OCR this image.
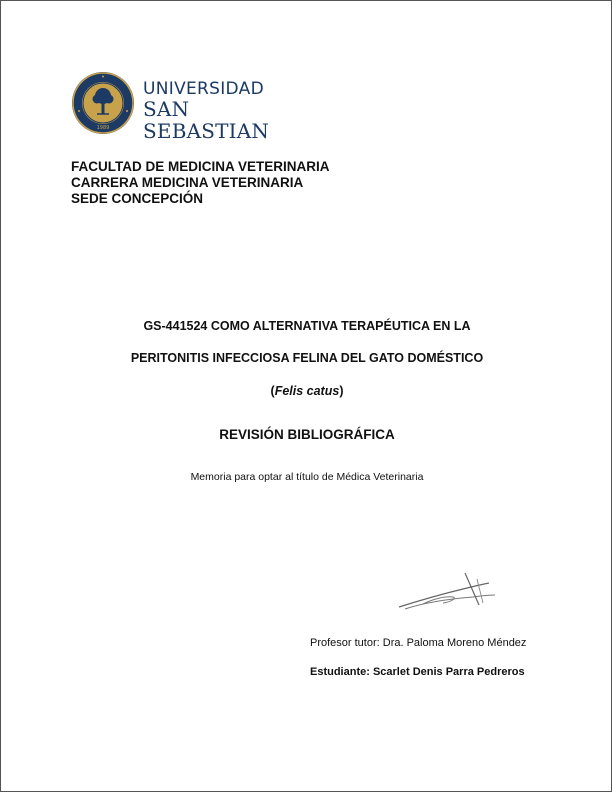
1989
UNIVERSIDAD
SAN SEBASTIAN
FACULTAD DE MEDICINA VETERINARIA
CARRERA MEDICINA VETERINARIA
SEDE CONCEPCIÓN
GS-441524 COMO ALTERNATIVA TERAPÉUTICA EN LA
PERITONITIS INFECCIOSA FELINA DEL GATO DOMÉSTICO
(Felis catus)
REVISIÓN BIBLIOGRÁFICA
Memoria para optar al título de Médica Veterinaria
Profesor tutor: Dra. Paloma Moreno Méndez
Estudiante: Scarlet Denis Parra Pedreros
